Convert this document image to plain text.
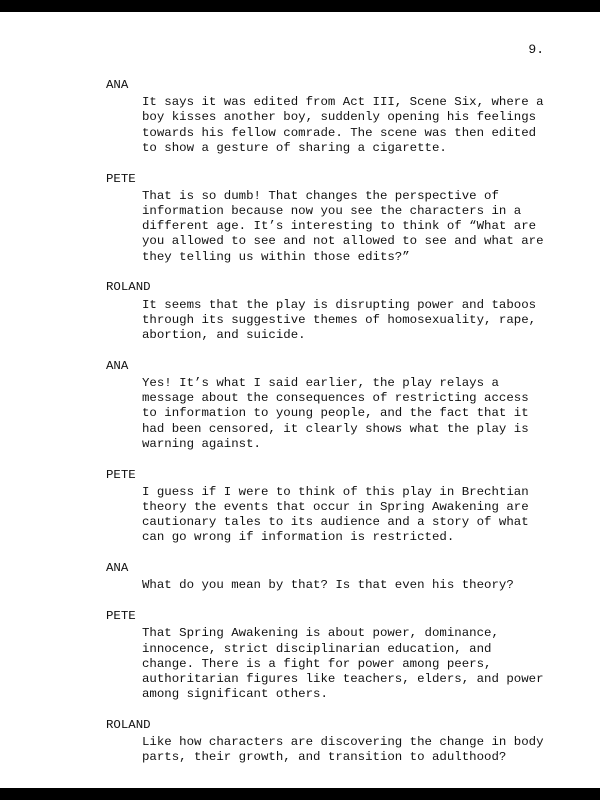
9.
ANA
It says it was edited from Act III, Scene Six, where a
boy kisses another boy, suddenly opening his feelings
towards his fellow comrade. The scene was then edited
to show a gesture of sharing a cigarette.
PETE
That is so dumb! That changes the perspective of
information because now you see the characters in a
different age. It’s interesting to think of “What are
you allowed to see and not allowed to see and what are
they telling us within those edits?”
ROLAND
It seems that the play is disrupting power and taboos
through its suggestive themes of homosexuality, rape,
abortion, and suicide.
ANA
Yes! It’s what I said earlier, the play relays a
message about the consequences of restricting access
to information to young people, and the fact that it
had been censored, it clearly shows what the play is
warning against.
PETE
I guess if I were to think of this play in Brechtian
theory the events that occur in Spring Awakening are
cautionary tales to its audience and a story of what
can go wrong if information is restricted.
ANA
What do you mean by that? Is that even his theory?
PETE
That Spring Awakening is about power, dominance,
innocence, strict disciplinarian education, and
change. There is a fight for power among peers,
authoritarian figures like teachers, elders, and power
among significant others.
ROLAND
Like how characters are discovering the change in body
parts, their growth, and transition to adulthood?
